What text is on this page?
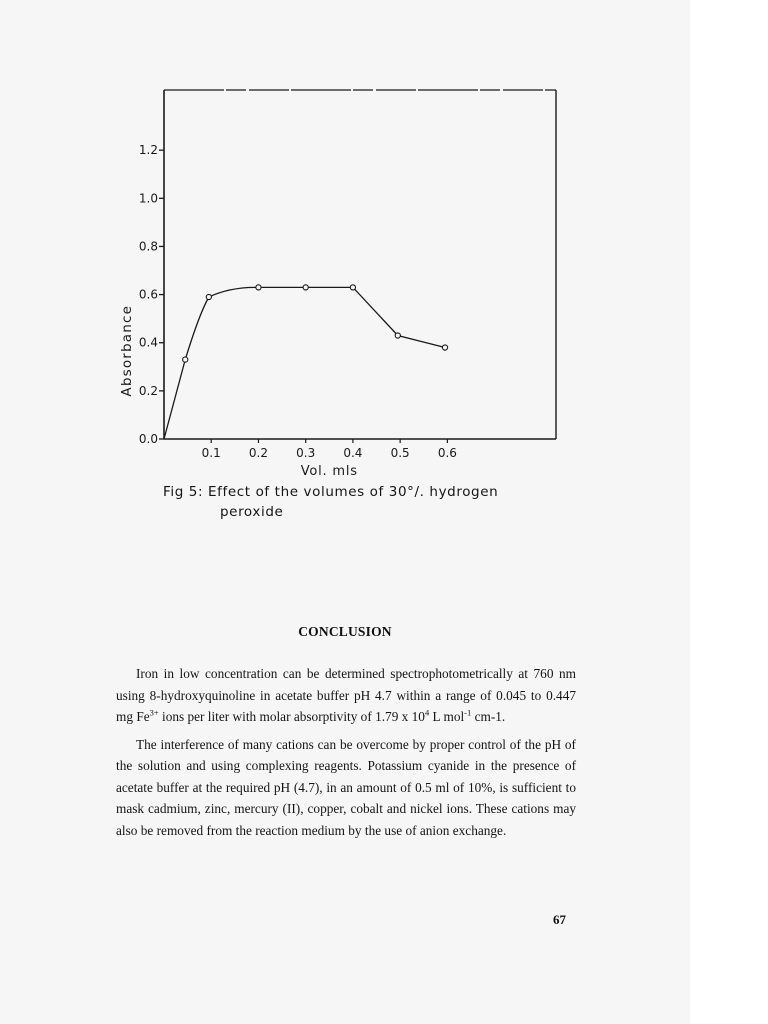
0.0
0.2
0.4
0.6
0.8
1.0
1.2
0.1 0.2 0.3 0.4 0.5 0.6
Vol. mls
Absorbance
Fig 5: Effect of the volumes of 30°/. hydrogen
peroxide
CONCLUSION

Iron in low concentration can be determined spectrophotometrically at 760 nm using 8-hydroxyquinoline in acetate buffer pH 4.7 within a range of 0.045 to 0.447 mg $Fe^{3+}$ ions per liter with molar absorptivity of 1.79 x $10^4$ L mol$^{-1}$ cm-1.

The interference of many cations can be overcome by proper control of the pH of the solution and using complexing reagents. Potassium cyanide in the presence of acetate buffer at the required pH (4.7), in an amount of 0.5 ml of 10%, is sufficient to mask cadmium, zinc, mercury (II), copper, cobalt and nickel ions. These cations may also be removed from the reaction medium by the use of anion exchange.

67
